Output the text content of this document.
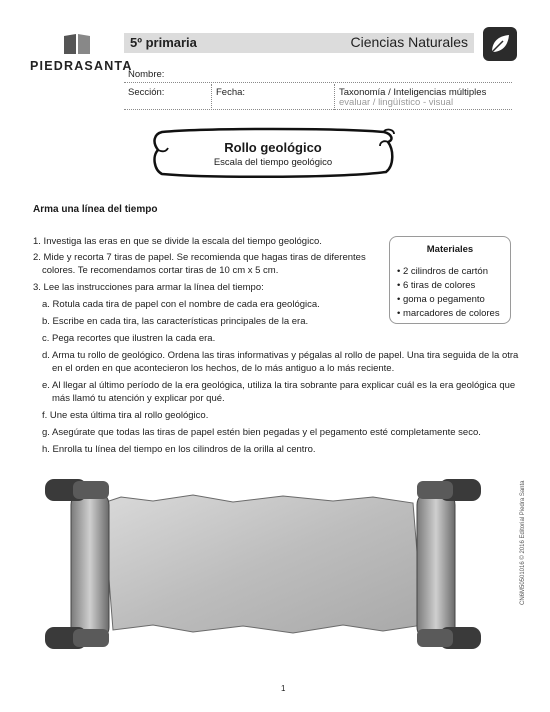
PIEDRASANTA
5º primaria	Ciencias Naturales
Nombre:
Sección:	Fecha:	Taxonomía / Inteligencias múltiples
evaluar / lingüístico - visual
Rollo geológico
Escala del tiempo geológico
Arma una línea del tiempo
1. Investiga las eras en que se divide la escala del tiempo geológico.
2. Mide y recorta 7 tiras de papel. Se recomienda que hagas tiras de diferentes
colores. Te recomendamos cortar tiras de 10 cm x 5 cm.
3. Lee las instrucciones para armar la línea del tiempo:
a. Rotula cada tira de papel con el nombre de cada era geológica.
b. Escribe en cada tira, las características principales de la era.
c. Pega recortes que ilustren la cada era.
d. Arma tu rollo de geológico. Ordena las tiras informativas y pégalas al rollo de papel. Una tira seguida de la otra
en el orden en que acontecieron los hechos, de lo más antiguo a lo más reciente.
e. Al llegar al último período de la era geológica, utiliza la tira sobrante para explicar cuál es la era geológica que
más llamó tu atención y explicar por qué.
f. Une esta última tira al rollo geológico.
g. Asegúrate que todas las tiras de papel estén bien pegadas y el pegamento esté completamente seco.
h. Enrolla tu línea del tiempo en los cilindros de la orilla al centro.
Materiales
• 2 cilindros de cartón
• 6 tiras de colores
• goma o pegamento
• marcadores de colores
1
CN6M50501016 © 2016 Editorial Piedra Santa
